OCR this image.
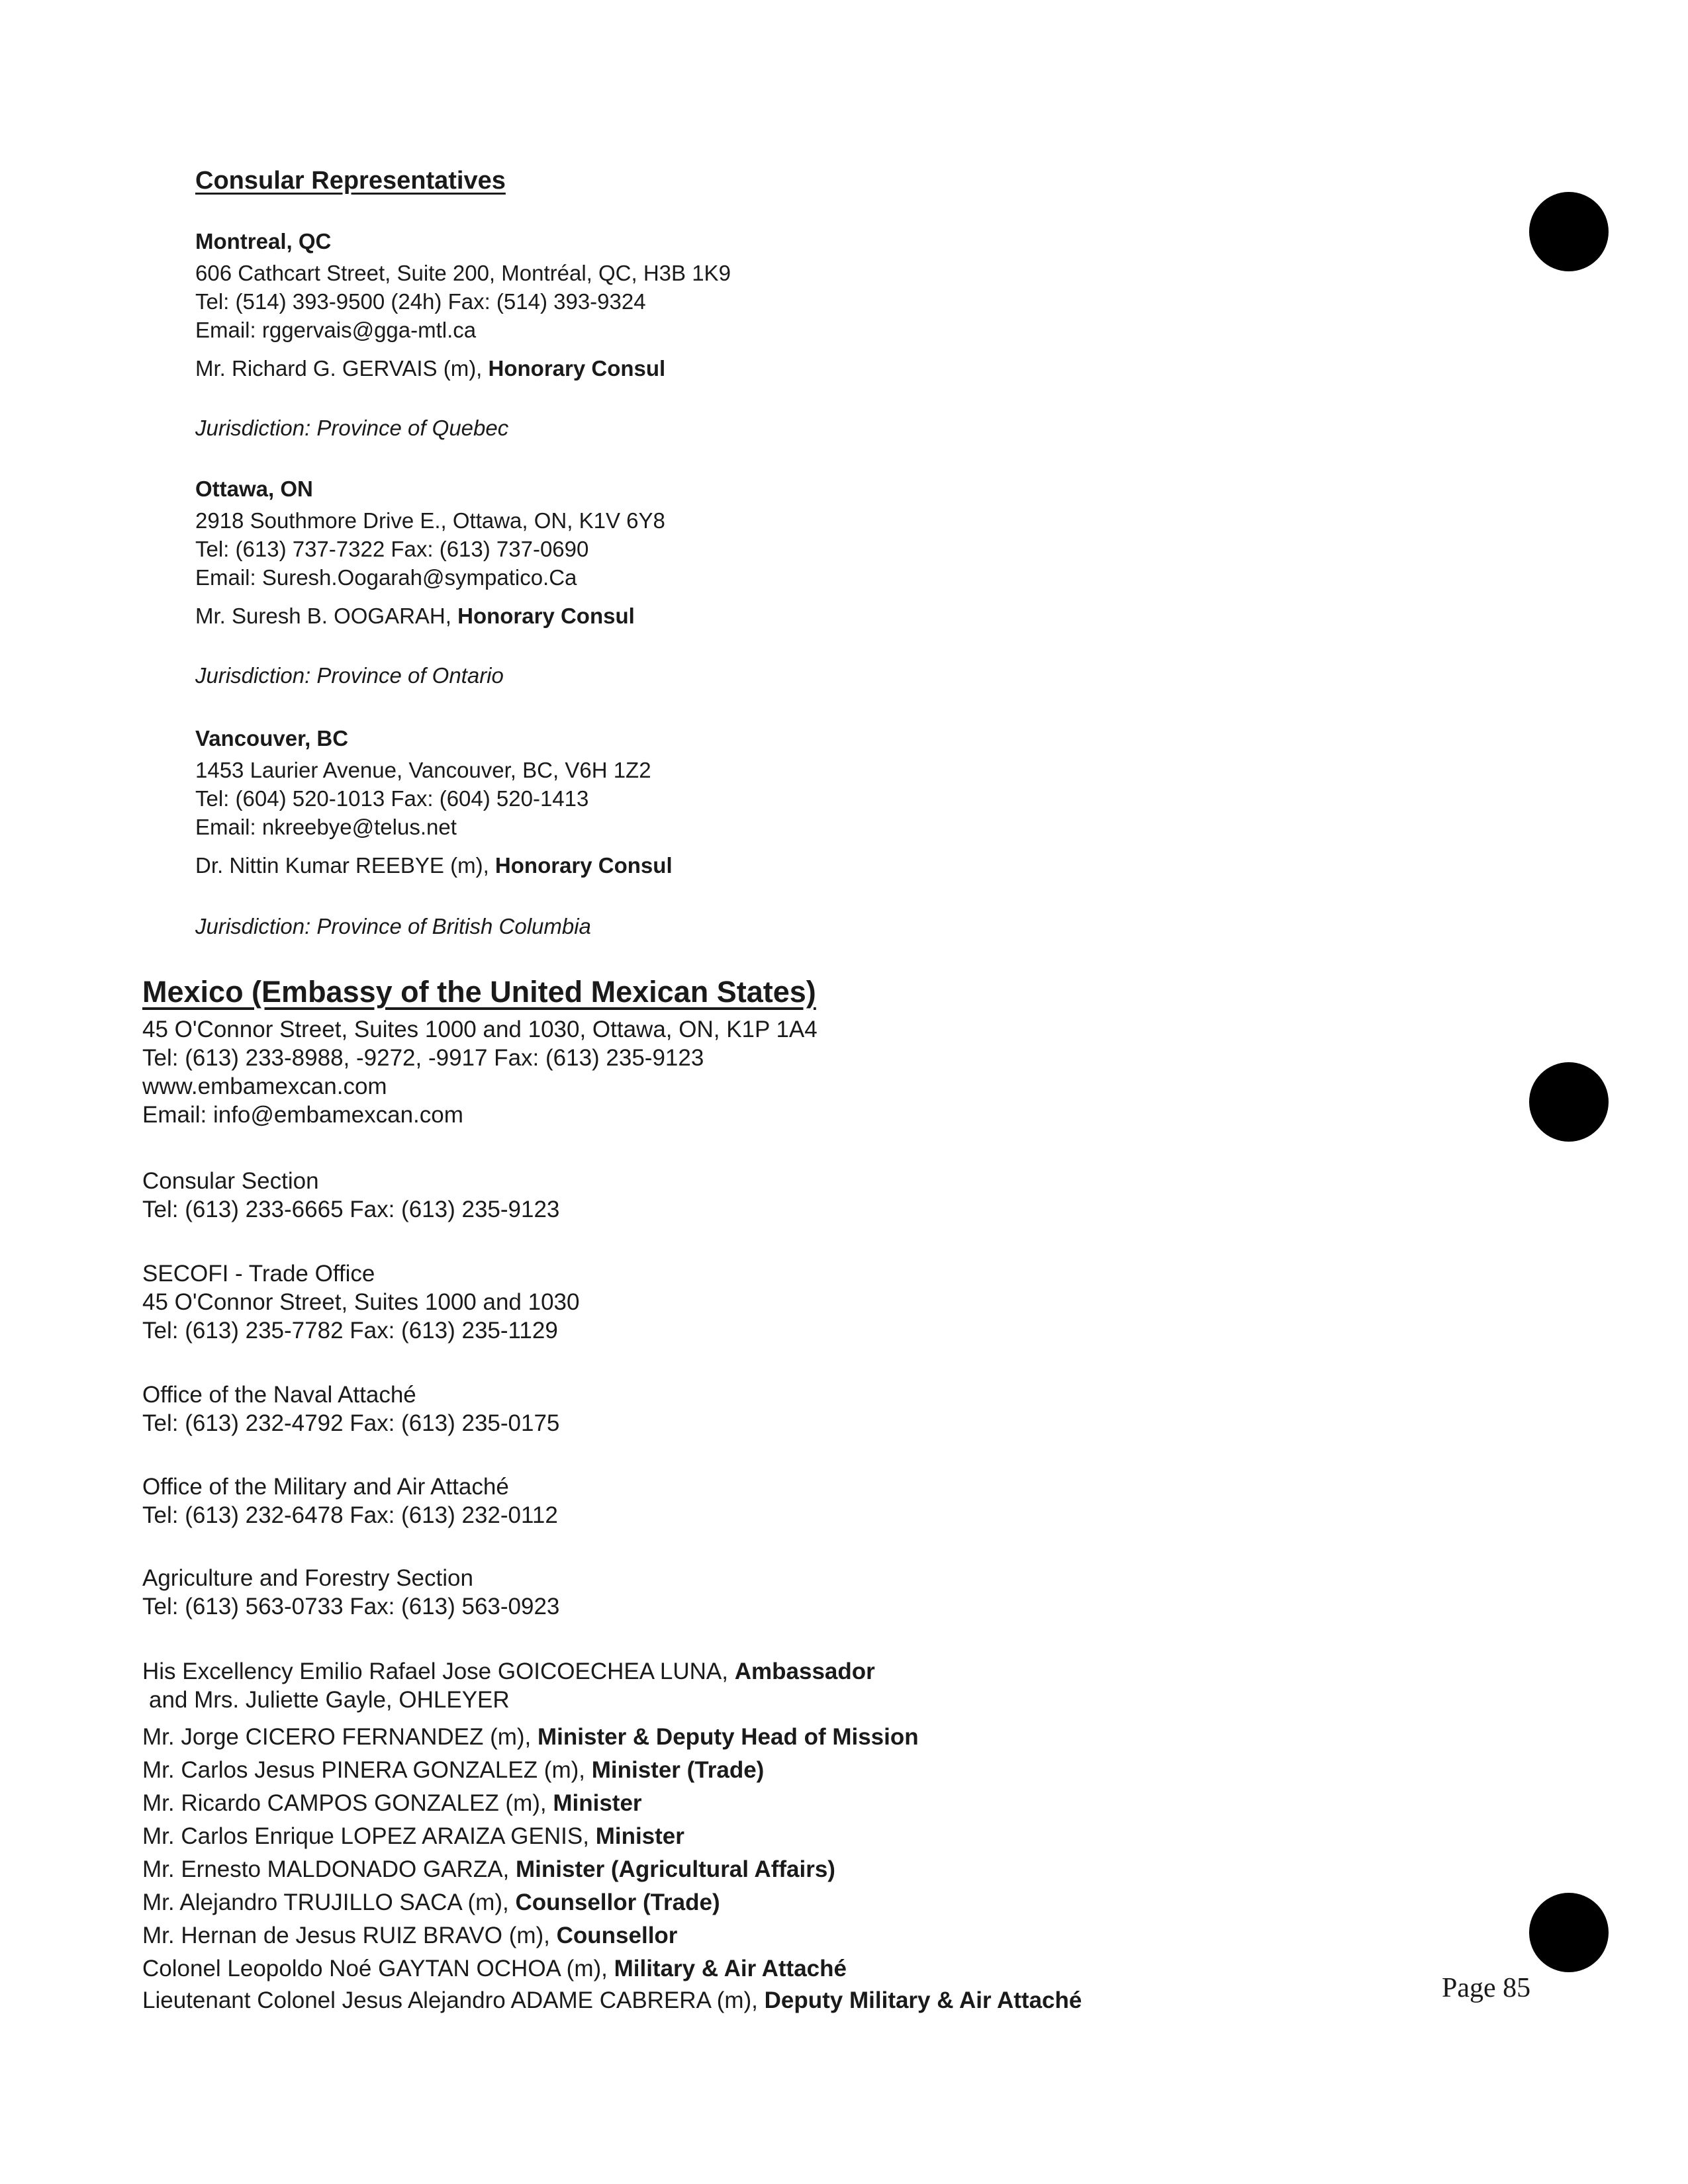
Consular Representatives
Montreal, QC
606 Cathcart Street, Suite 200, Montréal, QC, H3B 1K9
Tel: (514) 393-9500 (24h) Fax: (514) 393-9324
Email: rggervais@gga-mtl.ca
Mr. Richard G. GERVAIS (m), Honorary Consul
Jurisdiction: Province of Quebec
Ottawa, ON
2918 Southmore Drive E., Ottawa, ON, K1V 6Y8
Tel: (613) 737-7322 Fax: (613) 737-0690
Email: Suresh.Oogarah@sympatico.Ca
Mr. Suresh B. OOGARAH, Honorary Consul
Jurisdiction: Province of Ontario
Vancouver, BC
1453 Laurier Avenue, Vancouver, BC, V6H 1Z2
Tel: (604) 520-1013 Fax: (604) 520-1413
Email: nkreebye@telus.net
Dr. Nittin Kumar REEBYE (m), Honorary Consul
Jurisdiction: Province of British Columbia
Mexico (Embassy of the United Mexican States)
45 O'Connor Street, Suites 1000 and 1030, Ottawa, ON, K1P 1A4
Tel: (613) 233-8988, -9272, -9917 Fax: (613) 235-9123
www.embamexcan.com
Email: info@embamexcan.com
Consular Section
Tel: (613) 233-6665 Fax: (613) 235-9123
SECOFI - Trade Office
45 O'Connor Street, Suites 1000 and 1030
Tel: (613) 235-7782 Fax: (613) 235-1129
Office of the Naval Attaché
Tel: (613) 232-4792 Fax: (613) 235-0175
Office of the Military and Air Attaché
Tel: (613) 232-6478 Fax: (613) 232-0112
Agriculture and Forestry Section
Tel: (613) 563-0733 Fax: (613) 563-0923
His Excellency Emilio Rafael Jose GOICOECHEA LUNA, Ambassador
and Mrs. Juliette Gayle, OHLEYER
Mr. Jorge CICERO FERNANDEZ (m), Minister & Deputy Head of Mission
Mr. Carlos Jesus PINERA GONZALEZ (m), Minister (Trade)
Mr. Ricardo CAMPOS GONZALEZ (m), Minister
Mr. Carlos Enrique LOPEZ ARAIZA GENIS, Minister
Mr. Ernesto MALDONADO GARZA, Minister (Agricultural Affairs)
Mr. Alejandro TRUJILLO SACA (m), Counsellor (Trade)
Mr. Hernan de Jesus RUIZ BRAVO (m), Counsellor
Colonel Leopoldo Noé GAYTAN OCHOA (m), Military & Air Attaché
Lieutenant Colonel Jesus Alejandro ADAME CABRERA (m), Deputy Military & Air Attaché	Page 85
